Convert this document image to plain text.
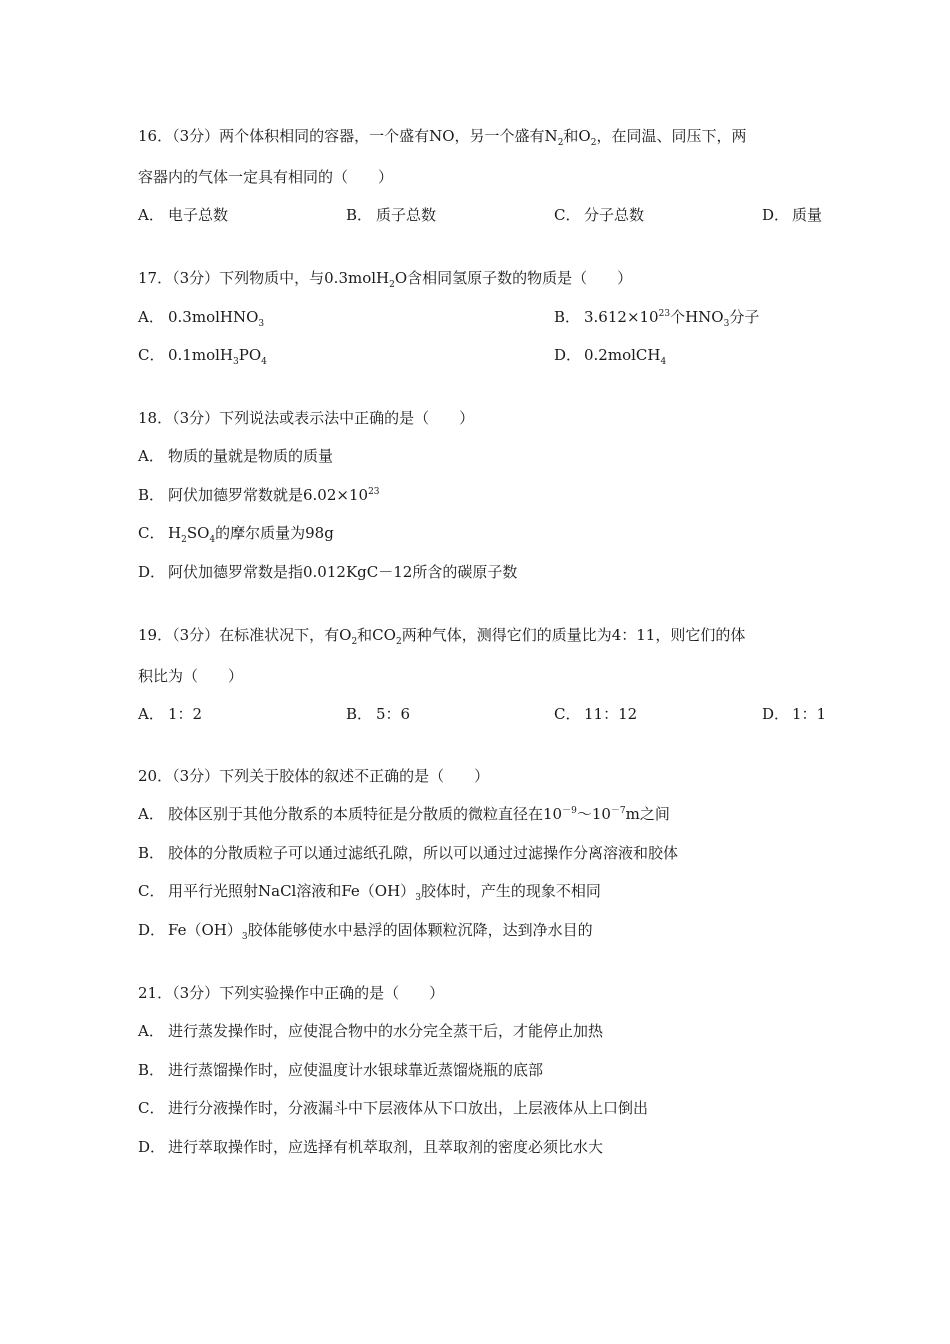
16．（3分）两个体积相同的容器，一个盛有NO，另一个盛有$N_2$和$O_2$，在同温、同压下，两
容器内的气体一定具有相同的（　　）
A． 电子总数	B． 质子总数	C． 分子总数	D． 质量
17．（3分）下列物质中，与0.3molH$_2$O含相同氢原子数的物质是（　　）
A． 0.3molHNO$_3$	B． $3.612\times 10^{23}$个$HNO_3$分子
C． $0.1molH_3PO_4$	D． 0.2molCH$_4$
18．（3分）下列说法或表示法中正确的是（　　）
A． 物质的量就是物质的质量
B． 阿伏加德罗常数就是$6.02\times 10^{23}$
C． $H_2SO_4$的摩尔质量为98g
D． 阿伏加德罗常数是指0.012KgC－12所含的碳原子数
19．（3分）在标准状况下，有$O_2$和$CO_2$两种气体，测得它们的质量比为4：11，则它们的体
积比为（　　）
A． 1：2	B． 5：6	C． 11：12	D． 1：1
20．（3分）下列关于胶体的叙述不正确的是（　　）
A． 胶体区别于其他分散系的本质特征是分散质的微粒直径在$10^{-9}\sim 10^{-7}m$之间
B． 胶体的分散质粒子可以通过滤纸孔隙，所以可以通过过滤操作分离溶液和胶体
C． 用平行光照射NaCl溶液和$Fe(OH)_3$胶体时，产生的现象不相同
D． $Fe(OH)_3$胶体能够使水中悬浮的固体颗粒沉降，达到净水目的
21．（3分）下列实验操作中正确的是（　　）
A． 进行蒸发操作时，应使混合物中的水分完全蒸干后，才能停止加热
B． 进行蒸馏操作时，应使温度计水银球靠近蒸馏烧瓶的底部
C． 进行分液操作时，分液漏斗中下层液体从下口放出，上层液体从上口倒出
D． 进行萃取操作时，应选择有机萃取剂，且萃取剂的密度必须比水大
